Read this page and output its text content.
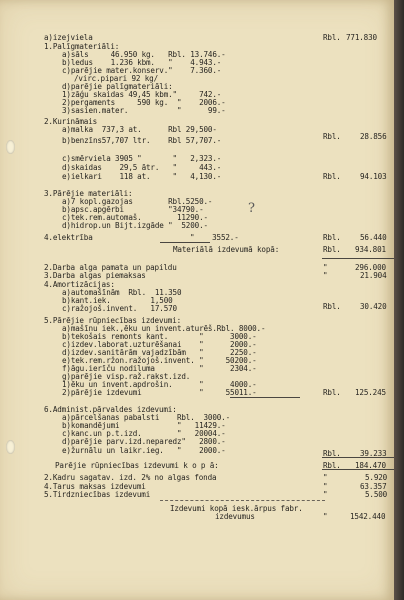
a)izejviela	Rbl. 771.830
1.Palīgmateriāli:
a)sāls     46.950 kg.   Rbl. 13.746.-
b)ledus    1.236 kbm.   "    4.943.-
c)parējie mater.konserv."    7.360.-
/virc.pipari 92 kg/
d)parējie palīgmateriāli:
1)zāģu skaidas 49,45 kbm."     742.-
2)pergaments     590 kg.  "    2006.-
3)sasien.mater.           "      99.-
Rbl.	28.856
2.Kurināmais
a)malka  737,3 at.      Rbl 29,500-
b)benzīns57,707 ltr.    Rbl 57,707.-
c)smērviela 3905 "       "   2,323.-
d)skaidas    29,5 ātr.   "     443.-
e)ielkari    118 at.     "   4,130.-	Rbl.	94.103
3.Pārējie materiāli:
a)7 kopl.gazojas        Rbl.5250.-
b)apsc.apgērbi          "34790.-
c)tek.rem.automaš.        11290.-
d)hidrop.un Bijt.izgāde "  5200.-
4.elektrība	"    3552.-	Rbl.	56.440
Materiālā izdevumā kopā:	Rbl. 934.801
2.Darba alga pamata un papildu	"	296.000
3.Darba algas piemaksas	"	21.904
4.Amortizācijas:
a)automašīnām  Rbl.  11.350
b)kant.iek.         1,500
c)ražojoš.invent.   17.570	Rbl.	30.420
5.Pārējie rūpniecības izdevumi:
a)mašīnu iek.,ēku un invent.aturēš.Rbl. 8000.-
b)tekošais remonts kant.       "      3000.-
c)izdev.laborat.uzturēšanai    "      2000.-
d)izdev.sanitārām vajadzībām   "      2250.-
e)tek.rem.ržon.ražojoš.invent. "     50200.-
f)āgu.ierīču nodiluma          "      2304.-
g)parējie visp.raž.rakst.izd.
1)ēku un invent.apdrošin.      "      4000.-
2)pārējie izdevumi             "     55011.-	Rbl. 125.245
6.Administ.pārvaldes izdevumi:
a)pārcelšanas pabalsti    Rbl.  3000.-
b)komandējumi             "   11429.-
c)kanc.un p.t.izd.        "   20004.-
d)parējie parv.izd.neparedz"   2800.-
e)žurnālu un laikr.ieg.   "    2000.-	Rbl.	39.233
Parējie rūpniecības izdevumi k o p ā:	Rbl. 184.470
2.Kadru sagatav. izd. 2% no algas fonda	"	5.920
4.Tarus maksas izdevumi	"	63.357
5.Tirdzniecības izdevumi	"	5.500
Izdevumi kopā iesk.ārpus fabr.
izdevumus	"	1542.440
?
